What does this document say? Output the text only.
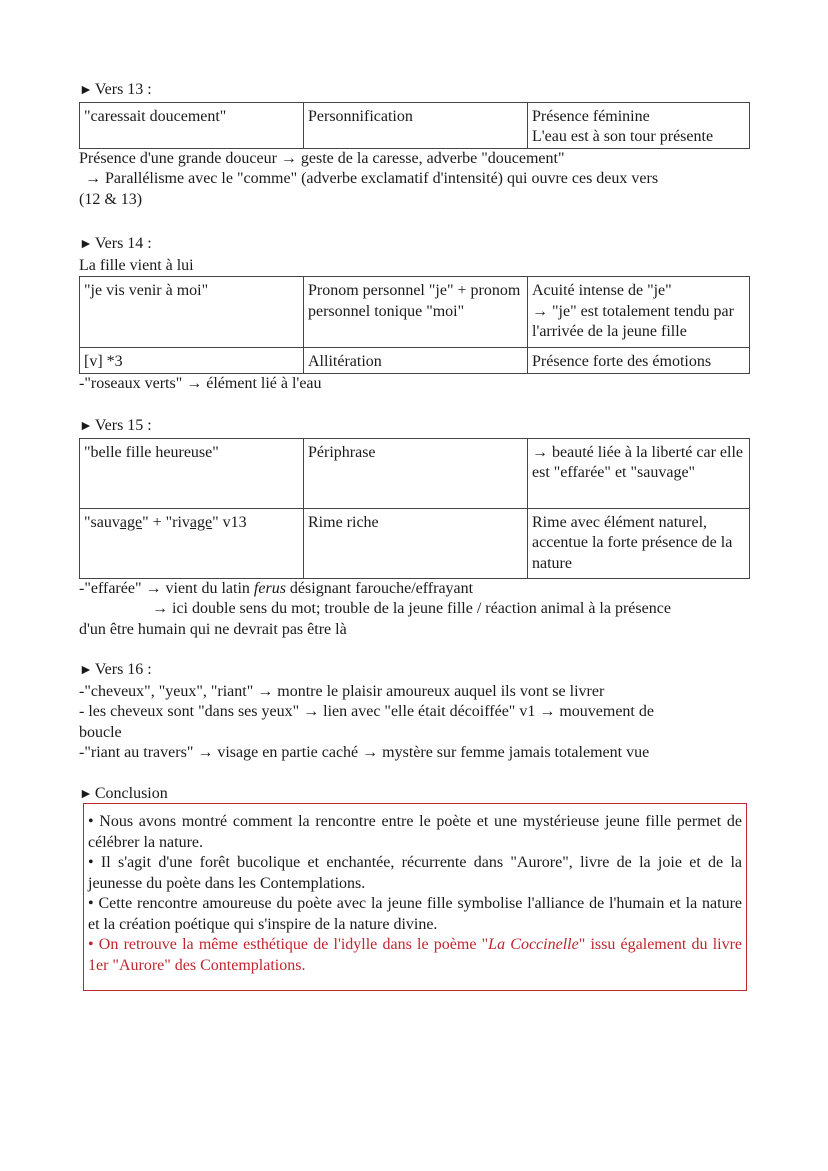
► Vers 13 :

"caressait doucement"	Personnification	Présence féminine
L'eau est à son tour présente

Présence d'une grande douceur → geste de la caresse, adverbe "doucement"

→ Parallélisme avec le "comme" (adverbe exclamatif d'intensité) qui ouvre ces deux vers

(12 & 13)

► Vers 14 :

La fille vient à lui

"je vis venir à moi"	Pronom personnel "je" + pronom personnel tonique "moi"	Acuité intense de "je"
→ "je" est totalement tendu par l'arrivée de la jeune fille

[v] *3	Allitération	Présence forte des émotions

-"roseaux verts" → élément lié à l'eau

► Vers 15 :

"belle fille heureuse"	Périphrase	→ beauté liée à la liberté car elle est "effarée" et "sauvage"
"sauvage" + "rivage" v13	Rime riche	Rime avec élément naturel, accentue la forte présence de la nature

-"effarée" → vient du latin ferus désignant farouche/effrayant

→ ici double sens du mot; trouble de la jeune fille / réaction animal à la présence

d'un être humain qui ne devrait pas être là

► Vers 16 :

-"cheveux", "yeux", "riant" → montre le plaisir amoureux auquel ils vont se livrer

- les cheveux sont "dans ses yeux" → lien avec "elle était décoiffée" v1 → mouvement de

boucle

-"riant au travers" → visage en partie caché → mystère sur femme jamais totalement vue

► Conclusion

• Nous avons montré comment la rencontre entre le poète et une mystérieuse jeune fille permet de célébrer la nature.

• Il s'agit d'une forêt bucolique et enchantée, récurrente dans "Aurore", livre de la joie et de la jeunesse du poète dans les Contemplations.

• Cette rencontre amoureuse du poète avec la jeune fille symbolise l'alliance de l'humain et la nature et la création poétique qui s'inspire de la nature divine.

• On retrouve la même esthétique de l'idylle dans le poème "La Coccinelle" issu également du livre 1er "Aurore" des Contemplations.
